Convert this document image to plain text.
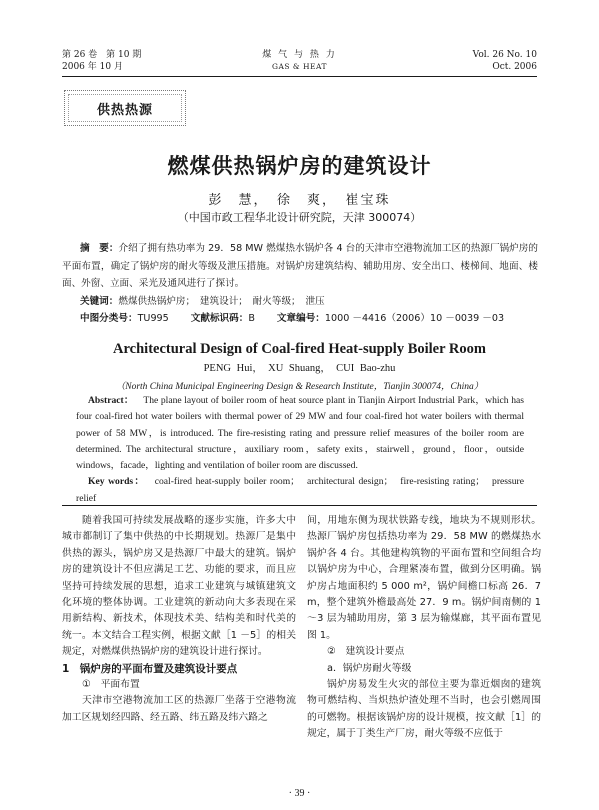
第 26 卷　第 10 期
2006 年 10 月
煤 气 与 热 力
GAS & HEAT
Vol. 26 No. 10
Oct. 2006
供热热源
燃煤供热锅炉房的建筑设计
彭　慧，　徐　爽，　崔宝珠
（中国市政工程华北设计研究院，天津 300074）

摘　要：介绍了拥有热功率为 29．58 MW 燃煤热水锅炉各 4 台的天津市空港物流加工区的热源厂锅炉房的平面布置，确定了锅炉房的耐火等级及泄压措施。对锅炉房建筑结构、辅助用房、安全出口、楼梯间、地面、楼面、外窗、立面、采光及通风进行了探讨。

关键词：燃煤供热锅炉房；　建筑设计；　耐火等级；　泄压

中图分类号：TU995 文献标识码：B 文章编号：1000 －4416（2006）10 －0039 －03

Architectural Design of Coal-fired Heat-supply Boiler Room
PENG Hui，　XU Shuang，　CUI Bao-zhu
（North China Municipal Engineering Design & Research Institute，Tianjin 300074，China）

Abstract：  The plane layout of boiler room of heat source plant in Tianjin Airport Industrial Park，which has four coal-fired hot water boilers with thermal power of 29 MW and four coal-fired hot water boilers with thermal power of 58 MW，is introduced. The fire-resisting rating and pressure relief measures of the boiler room are determined. The architectural structure，auxiliary room，safety exits，stairwell，ground，floor，outside windows，facade，lighting and ventilation of boiler room are discussed.

Key words：  coal-fired heat-supply boiler room；　architectural design；　fire-resisting rating；　pressure relief

随着我国可持续发展战略的逐步实施，许多大中城市都制订了集中供热的中长期规划。热源厂是集中供热的源头，锅炉房又是热源厂中最大的建筑。锅炉房的建筑设计不但应满足工艺、功能的要求，而且应坚持可持续发展的思想，追求工业建筑与城镇建筑文化环境的整体协调。工业建筑的新动向大多表现在采用新结构、新技术，体现技术美、结构美和时代美的统一。本文结合工程实例，根据文献［1 －5］的相关规定，对燃煤供热锅炉房的建筑设计进行探讨。

1　锅炉房的平面布置及建筑设计要点

①　平面布置

天津市空港物流加工区的热源厂坐落于空港物流加工区规划经四路、经五路、纬五路及纬六路之

间，用地东侧为现状铁路专线，地块为不规则形状。热源厂锅炉房包括热功率为 29．58 MW 的燃煤热水锅炉各 4 台。其他建构筑物的平面布置和空间组合均以锅炉房为中心，合理紧凑布置，做到分区明确。锅炉房占地面积约 5 000 m²，锅炉间檐口标高 26．7 m，整个建筑外檐最高处 27．9 m。锅炉间南侧的 1 ～3 层为辅助用房，第 3 层为输煤廊，其平面布置见图 1。

②　建筑设计要点

a．锅炉房耐火等级

锅炉房易发生火灾的部位主要为靠近烟囱的建筑物可燃结构、当炽热炉渣处理不当时，也会引燃周围的可燃物。根据该锅炉房的设计规模，按文献［1］的规定，属于丁类生产厂房，耐火等级不应低于

· 39 ·
